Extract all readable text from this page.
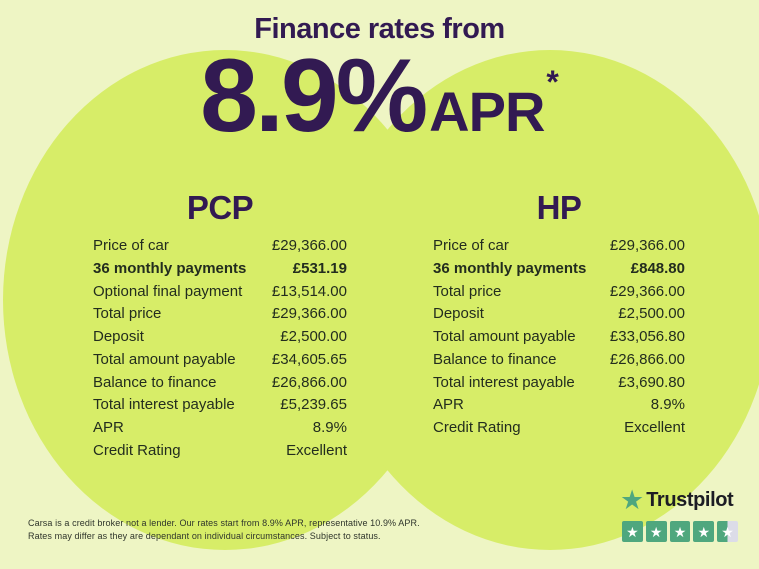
Finance rates from
8.9% APR *
PCP
Price of car	£29,366.00
36 monthly payments	£531.19
Optional final payment £13,514.00
Total price	£29,366.00
Deposit	£2,500.00
Total amount payable £34,605.65
Balance to finance	£26,866.00
Total interest payable	£5,239.65
APR	8.9%
Credit Rating	Excellent
HP
Price of car	£29,366.00
36 monthly payments	£848.80
Total price	£29,366.00
Deposit	£2,500.00
Total amount payable £33,056.80
Balance to finance	£26,866.00
Total interest payable	£3,690.80
APR	8.9%
Credit Rating	Excellent
Carsa is a credit broker not a lender. Our rates start from 8.9% APR, representative 10.9% APR.
Rates may differ as they are dependant on individual circumstances. Subject to status.
★ Trustpilot
★ ★ ★ ★ ★
